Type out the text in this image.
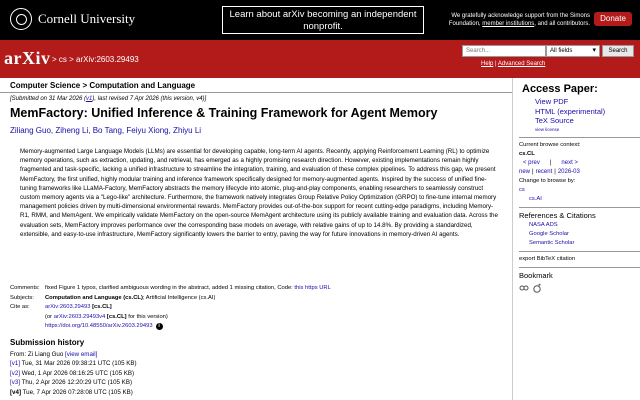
Cornell University	Learn about arXiv becoming an independent nonprofit.
We gratefully acknowledge support from the Simons Foundation, member institutions, and all contributors.
Donate
arXiv > cs > arXiv:2603.29493
Search...	All fields ▾	Search
Help | Advanced Search
Computer Science > Computation and Language
[Submitted on 31 Mar 2026 (v1), last revised 7 Apr 2026 (this version, v4)]
MemFactory: Unified Inference & Training Framework for Agent Memory
Ziliang Guo, Ziheng Li, Bo Tang, Feiyu Xiong, Zhiyu Li
Memory-augmented Large Language Models (LLMs) are essential for developing capable, long-term AI agents. Recently, applying Reinforcement Learning (RL) to optimize memory operations, such as extraction, updating, and retrieval, has emerged as a highly promising research direction. However, existing implementations remain highly fragmented and task-specific, lacking a unified infrastructure to streamline the integration, training, and evaluation of these complex pipelines. To address this gap, we present MemFactory, the first unified, highly modular training and inference framework specifically designed for memory-augmented agents. Inspired by the success of unified fine-tuning frameworks like LLaMA-Factory, MemFactory abstracts the memory lifecycle into atomic, plug-and-play components, enabling researchers to seamlessly construct custom memory agents via a "Lego-like" architecture. Furthermore, the framework natively integrates Group Relative Policy Optimization (GRPO) to fine-tune internal memory management policies driven by multi-dimensional environmental rewards. MemFactory provides out-of-the-box support for recent cutting-edge paradigms, including Memory-R1, RMM, and MemAgent. We empirically validate MemFactory on the open-source MemAgent architecture using its publicly available training and evaluation data. Across the evaluation sets, MemFactory improves performance over the corresponding base models on average, with relative gains of up to 14.8%. By providing a standardized, extensible, and easy-to-use infrastructure, MemFactory significantly lowers the barrier to entry, paving the way for future innovations in memory-driven AI agents.
Comments: fixed Figure 1 typos, clarified ambiguous wording in the abstract, added 1 missing citation, Code: this https URL
Subjects:	Computation and Language (cs.CL); Artificial Intelligence (cs.AI)
Cite as:	arXiv:2603.29493 [cs.CL]
(or arXiv:2603.29493v4 [cs.CL] for this version)
https://doi.org/10.48550/arXiv.2603.29493 i
Submission history
From: Zi Liang Guo [view email]
[v1] Tue, 31 Mar 2026 09:38:21 UTC (105 KB)
[v2] Wed, 1 Apr 2026 08:16:25 UTC (105 KB)
[v3] Thu, 2 Apr 2026 12:20:29 UTC (105 KB)
[v4] Tue, 7 Apr 2026 07:28:08 UTC (105 KB)
Access Paper:
View PDF
HTML (experimental)
TeX Source
view license
Current browse context:
cs.CL
< prev | next >
new | recent | 2026-03
Change to browse by:
cs
cs.AI
References & Citations
NASA ADS
Google Scholar
Semantic Scholar
export BibTeX citation
Bookmark
